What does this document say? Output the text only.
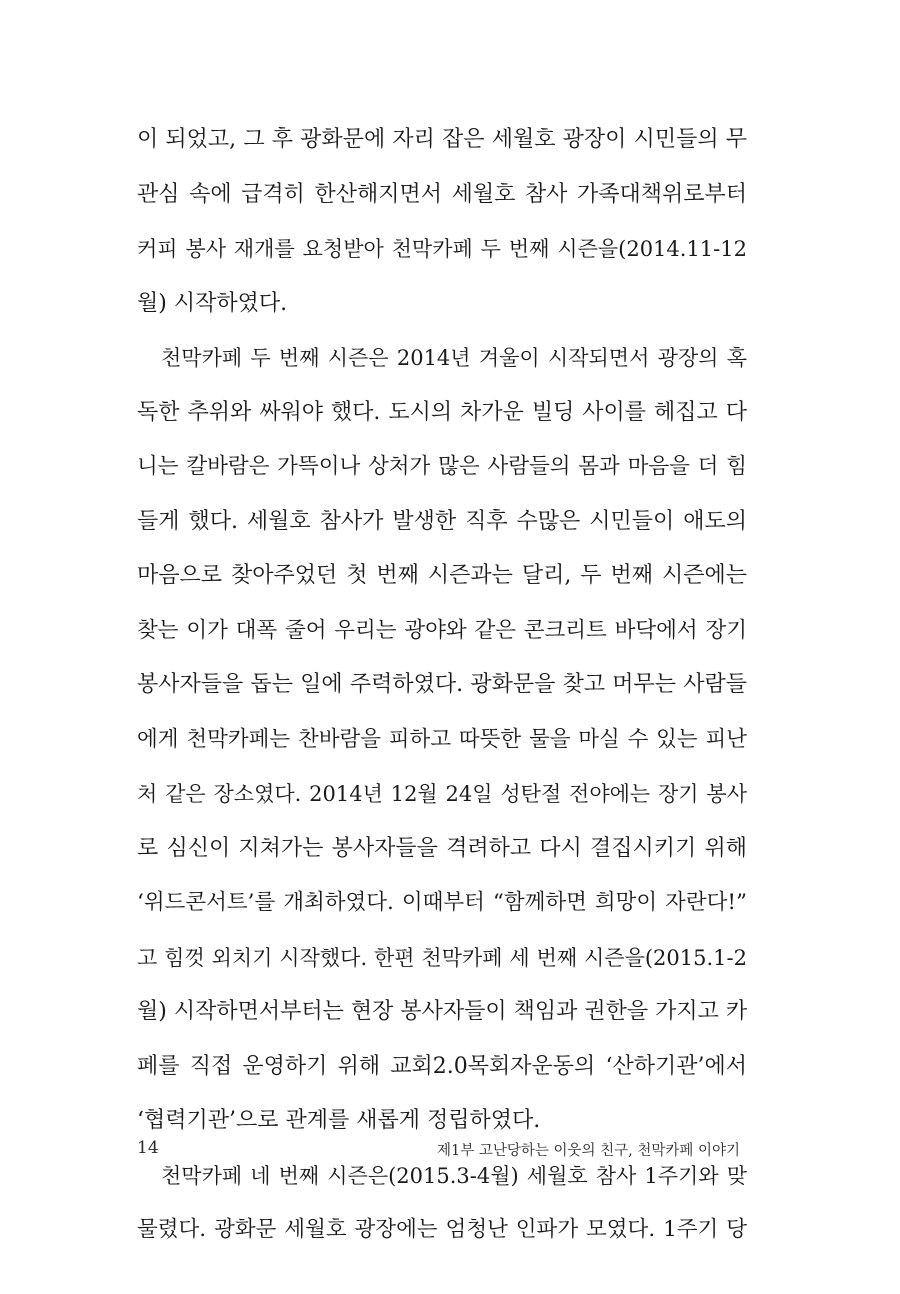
이 되었고, 그 후 광화문에 자리 잡은 세월호 광장이 시민들의 무
관심 속에 급격히 한산해지면서 세월호 참사 가족대책위로부터
커피 봉사 재개를 요청받아 천막카페 두 번째 시즌을(2014.11-12
월) 시작하였다.
천막카페 두 번째 시즌은 2014년 겨울이 시작되면서 광장의 혹
독한 추위와 싸워야 했다. 도시의 차가운 빌딩 사이를 헤집고 다
니는 칼바람은 가뜩이나 상처가 많은 사람들의 몸과 마음을 더 힘
들게 했다. 세월호 참사가 발생한 직후 수많은 시민들이 애도의
마음으로 찾아주었던 첫 번째 시즌과는 달리, 두 번째 시즌에는
찾는 이가 대폭 줄어 우리는 광야와 같은 콘크리트 바닥에서 장기
봉사자들을 돕는 일에 주력하였다. 광화문을 찾고 머무는 사람들
에게 천막카페는 찬바람을 피하고 따뜻한 물을 마실 수 있는 피난
처 같은 장소였다. 2014년 12월 24일 성탄절 전야에는 장기 봉사
로 심신이 지쳐가는 봉사자들을 격려하고 다시 결집시키기 위해
‘위드콘서트’를 개최하였다. 이때부터 “함께하면 희망이 자란다!”
고 힘껏 외치기 시작했다. 한편 천막카페 세 번째 시즌을(2015.1-2
월) 시작하면서부터는 현장 봉사자들이 책임과 권한을 가지고 카
페를 직접 운영하기 위해 교회2.0목회자운동의 ‘산하기관’에서
‘협력기관’으로 관계를 새롭게 정립하였다.
천막카페 네 번째 시즌은(2015.3-4월) 세월호 참사 1주기와 맞
물렸다. 광화문 세월호 광장에는 엄청난 인파가 모였다. 1주기 당
14	제1부 고난당하는 이웃의 친구, 천막카페 이야기
